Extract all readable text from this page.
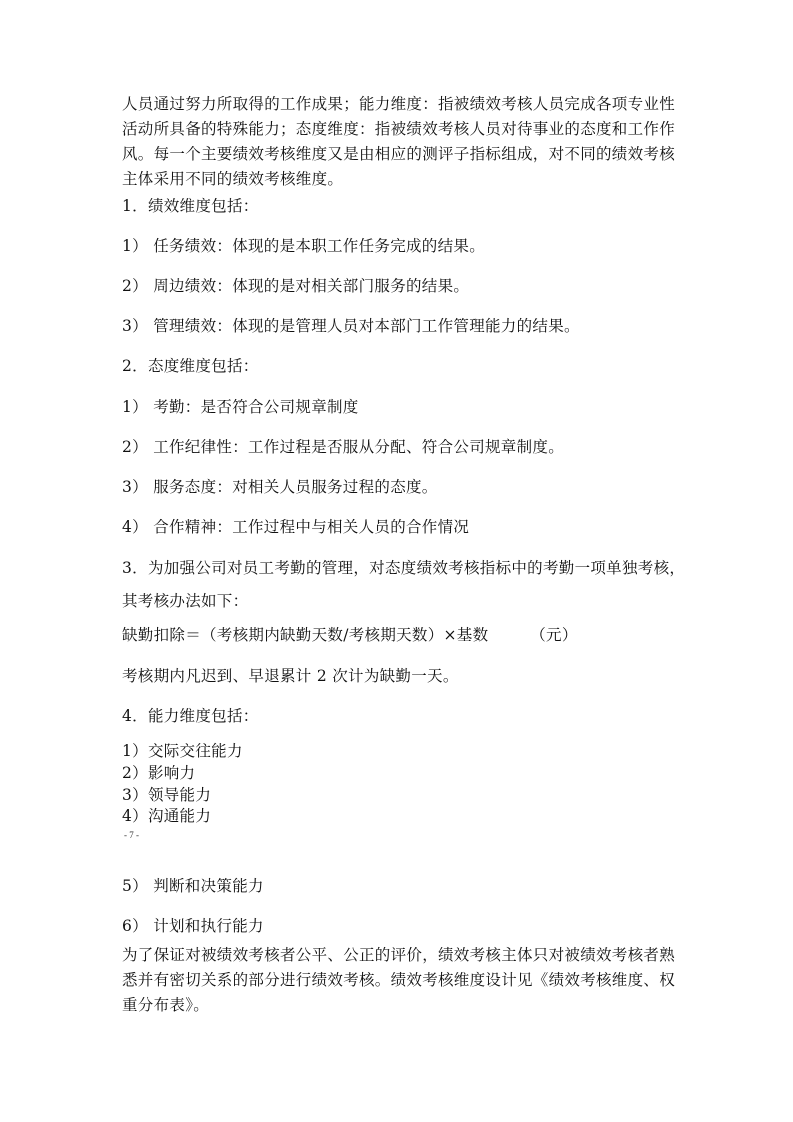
人员通过努力所取得的工作成果；能力维度：指被绩效考核人员完成各项专业性
活动所具备的特殊能力；态度维度：指被绩效考核人员对待事业的态度和工作作
风。每一个主要绩效考核维度又是由相应的测评子指标组成，对不同的绩效考核
主体采用不同的绩效考核维度。
1．绩效维度包括：
1） 任务绩效：体现的是本职工作任务完成的结果。
2） 周边绩效：体现的是对相关部门服务的结果。
3） 管理绩效：体现的是管理人员对本部门工作管理能力的结果。
2．态度维度包括：
1） 考勤：是否符合公司规章制度
2） 工作纪律性：工作过程是否服从分配、符合公司规章制度。
3） 服务态度：对相关人员服务过程的态度。
4） 合作精神：工作过程中与相关人员的合作情况
3．为加强公司对员工考勤的管理，对态度绩效考核指标中的考勤一项单独考核，
其考核办法如下：
缺勤扣除＝（考核期内缺勤天数/考核期天数）×基数        （元）
考核期内凡迟到、早退累计 2 次计为缺勤一天。
4．能力维度包括：
1）交际交往能力
2）影响力
3）领导能力
4）沟通能力
- 7 -
5） 判断和决策能力
6） 计划和执行能力
为了保证对被绩效考核者公平、公正的评价，绩效考核主体只对被绩效考核者熟
悉并有密切关系的部分进行绩效考核。绩效考核维度设计见《绩效考核维度、权
重分布表》。
